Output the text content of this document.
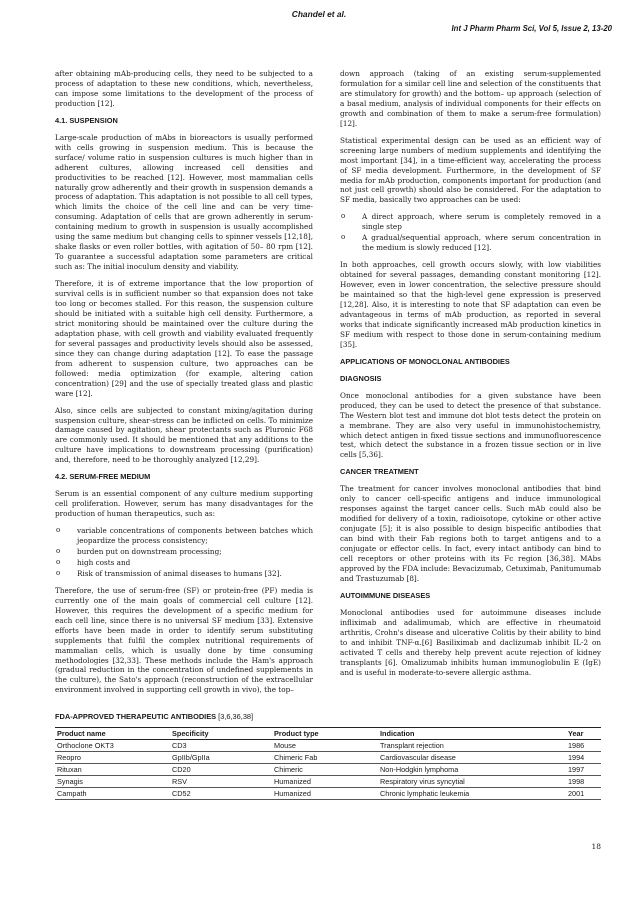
Chandel et al.
Int J Pharm Pharm Sci, Vol 5, Issue 2, 13-20

after obtaining mAb-producing cells, they need to be subjected to a process of adaptation to these new conditions, which, nevertheless, can impose some limitations to the development of the process of production [12].

4.1. SUSPENSION

Large-scale production of mAbs in bioreactors is usually performed with cells growing in suspension medium. This is because the surface/ volume ratio in suspension cultures is much higher than in adherent cultures, allowing increased cell densities and productivities to be reached [12]. However, most mammalian cells naturally grow adherently and their growth in suspension demands a process of adaptation. This adaptation is not possible to all cell types, which limits the choice of the cell line and can be very time-consuming. Adaptation of cells that are grown adherently in serum-containing medium to growth in suspension is usually accomplished using the same medium but changing cells to spinner vessels [12,18], shake flasks or even roller bottles, with agitation of 50– 80 rpm [12]. To guarantee a successful adaptation some parameters are critical such as: The initial inoculum density and viability.

Therefore, it is of extreme importance that the low proportion of survival cells is in sufficient number so that expansion does not take too long or becomes stalled. For this reason, the suspension culture should be initiated with a suitable high cell density. Furthermore, a strict monitoring should be maintained over the culture during the adaptation phase, with cell growth and viability evaluated frequently for several passages and productivity levels should also be assessed, since they can change during adaptation [12]. To ease the passage from adherent to suspension culture, two approaches can be followed: media optimization (for example, altering cation concentration) [29] and the use of specially treated glass and plastic ware [12].

Also, since cells are subjected to constant mixing/agitation during suspension culture, shear-stress can be inflicted on cells. To minimize damage caused by agitation, shear protectants such as Pluronic F68 are commonly used. It should be mentioned that any additions to the culture have implications to downstream processing (purification) and, therefore, need to be thoroughly analyzed [12,29].

4.2. SERUM-FREE MEDIUM

Serum is an essential component of any culture medium supporting cell proliferation. However, serum has many disadvantages for the production of human therapeutics, such as:

o variable concentrations of components between batches which jeopardize the process consistency;
o burden put on downstream processing;
o high costs and
o Risk of transmission of animal diseases to humans [32].

Therefore, the use of serum-free (SF) or protein-free (PF) media is currently one of the main goals of commercial cell culture [12]. However, this requires the development of a specific medium for each cell line, since there is no universal SF medium [33]. Extensive efforts have been made in order to identify serum substituting supplements that fulfil the complex nutritional requirements of mammalian cells, which is usually done by time consuming methodologies [32,33]. These methods include the Ham's approach (gradual reduction in the concentration of undefined supplements in the culture), the Sato's approach (reconstruction of the extracellular environment involved in supporting cell growth in vivo), the top–

down approach (taking of an existing serum-supplemented formulation for a similar cell line and selection of the constituents that are stimulatory for growth) and the bottom– up approach (selection of a basal medium, analysis of individual components for their effects on growth and combination of them to make a serum-free formulation)[12].

Statistical experimental design can be used as an efficient way of screening large numbers of medium supplements and identifying the most important [34], in a time-efficient way, accelerating the process of SF media development. Furthermore, in the development of SF media for mAb production, components important for production (and not just cell growth) should also be considered. For the adaptation to SF media, basically two approaches can be used:

o A direct approach, where serum is completely removed in a single step
o A gradual/sequential approach, where serum concentration in the medium is slowly reduced [12].

In both approaches, cell growth occurs slowly, with low viabilities obtained for several passages, demanding constant monitoring [12]. However, even in lower concentration, the selective pressure should be maintained so that the high-level gene expression is preserved [12,28]. Also, it is interesting to note that SF adaptation can even be advantageous in terms of mAb production, as reported in several works that indicate significantly increased mAb production kinetics in SF medium with respect to those done in serum-containing medium [35].

APPLICATIONS OF MONOCLONAL ANTIBODIES
DIAGNOSIS

Once monoclonal antibodies for a given substance have been produced, they can be used to detect the presence of that substance. The Western blot test and immune dot blot tests detect the protein on a membrane. They are also very useful in immunohistochemistry, which detect antigen in fixed tissue sections and immunofluorescence test, which detect the substance in a frozen tissue section or in live cells [5,36].

CANCER TREATMENT

The treatment for cancer involves monoclonal antibodies that bind only to cancer cell-specific antigens and induce immunological responses against the target cancer cells. Such mAb could also be modified for delivery of a toxin, radioisotope, cytokine or other active conjugate [5]; it is also possible to design bispecific antibodies that can bind with their Fab regions both to target antigens and to a conjugate or effector cells. In fact, every intact antibody can bind to cell receptors or other proteins with its Fc region [36,38]. MAbs approved by the FDA include: Bevacizumab, Cetuximab, Panitumumab and Trastuzumab [8].

AUTOIMMUNE DISEASES

Monoclonal antibodies used for autoimmune diseases include infliximab and adalimumab, which are effective in rheumatoid arthritis, Crohn's disease and ulcerative Colitis by their ability to bind to and inhibit TNF-α.[6] Basiliximab and daclizumab inhibit IL-2 on activated T cells and thereby help prevent acute rejection of kidney transplants [6]. Omalizumab inhibits human immunoglobulin E (IgE) and is useful in moderate-to-severe allergic asthma.

FDA-APPROVED THERAPEUTIC ANTIBODIES [3,6,36,38]
Product name	Specificity	Product type	Indication	Year
Orthoclone OKT3	CD3	Mouse	Transplant rejection	1986
Reopro	GpIIb/GpIIa	Chimeric Fab	Cardiovascular disease	1994
Rituxan	CD20	Chimeric	Non-Hodgkin lymphoma	1997
Synagis	RSV	Humanized	Respiratory virus syncytial	1998
Campath	CD52	Humanized	Chronic lymphatic leukemia	2001
18
